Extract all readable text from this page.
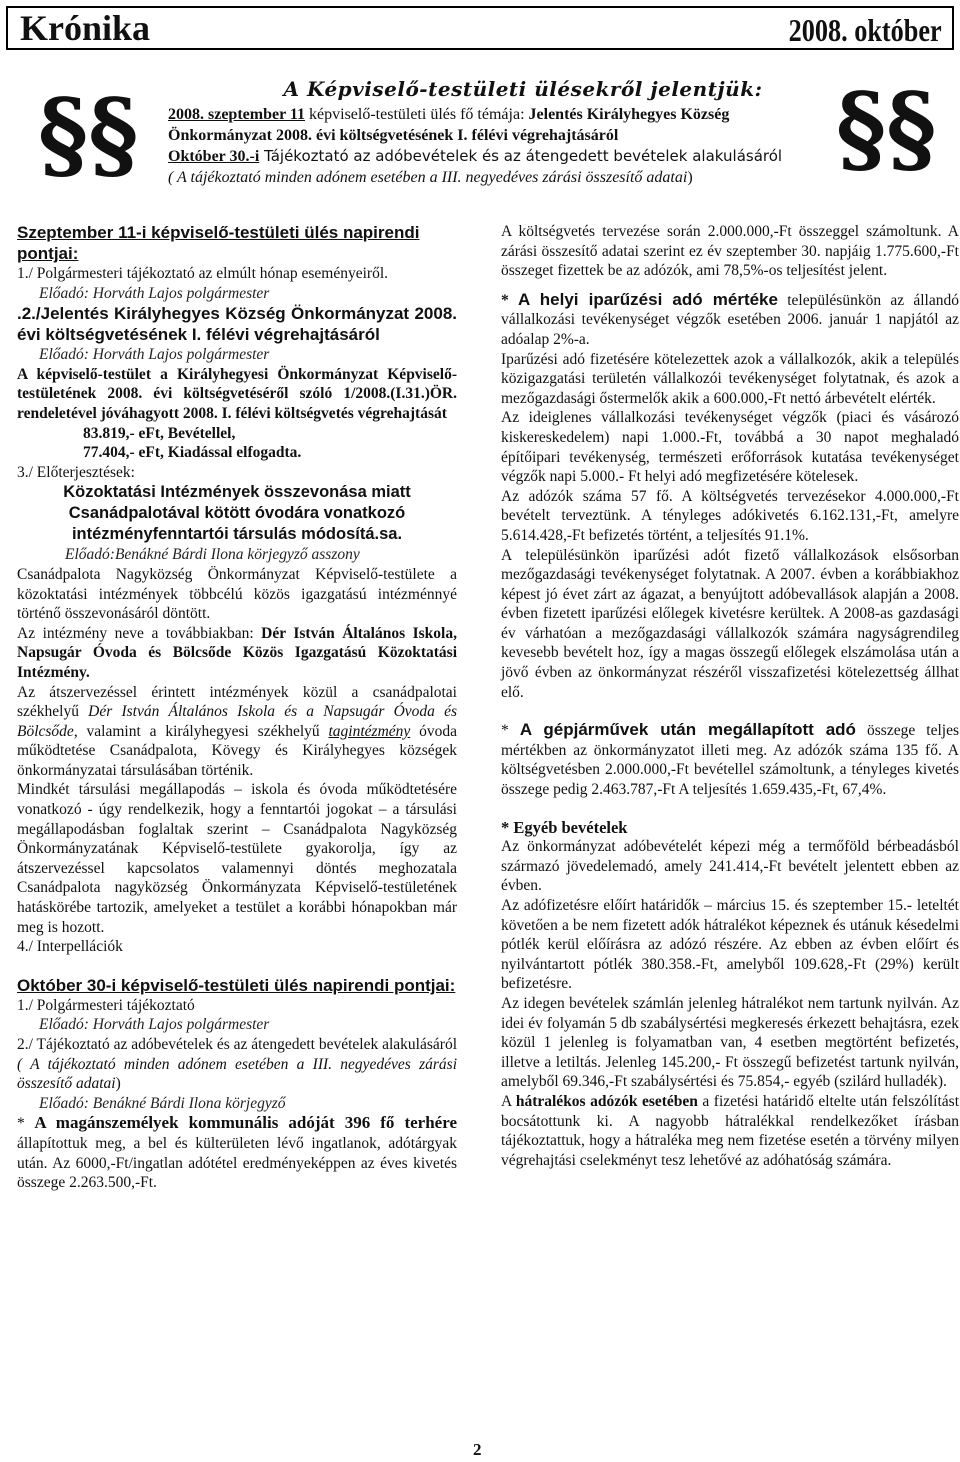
Krónika	2008. október
§§	§§
A Képviselő-testületi ülésekről jelentjük:

2008. szeptember 11 képviselő-testületi ülés fő témája: Jelentés Királyhegyes Község Önkormányzat 2008. évi költségvetésének I. félévi végrehajtásáról

Október 30.-i Tájékoztató az adóbevételek és az átengedett bevételek alakulásáról

( A tájékoztató minden adónem esetében a III. negyedéves zárási összesítő adatai)

Szeptember 11-i képviselő-testületi ülés napirendi pontjai:

1./ Polgármesteri tájékoztató az elmúlt hónap eseményeiről.

Előadó: Horváth Lajos polgármester

.2./Jelentés Királyhegyes Község Önkormányzat 2008. évi költségvetésének I. félévi végrehajtásáról

Előadó: Horváth Lajos polgármester

A képviselő-testület a Királyhegyesi Önkormányzat Képviselő-testületének 2008. évi költségvetéséről szóló 1/2008.(I.31.)ÖR. rendeletével jóváhagyott 2008. I. félévi költségvetés végrehajtását

83.819,- eFt, Bevétellel,

77.404,- eFt, Kiadással elfogadta.

3./ Előterjesztések:

Közoktatási Intézmények összevonása miatt Csanádpalotával kötött óvodára vonatkozó intézményfenntartói társulás módosítá.sa.

Előadó:Benákné Bárdi Ilona körjegyző asszony

Csanádpalota Nagyközség Önkormányzat Képviselő-testülete a közoktatási intézmények többcélú közös igazgatású intézménnyé történő összevonásáról döntött.

Az intézmény neve a továbbiakban: Dér István Általános Iskola, Napsugár Óvoda és Bölcsőde Közös Igazgatású Közoktatási Intézmény.

Az átszervezéssel érintett intézmények közül a csanádpalotai székhelyű Dér István Általános Iskola és a Napsugár Óvoda és Bölcsőde, valamint a királyhegyesi székhelyű tagintézmény óvoda működtetése Csanádpalota, Kövegy és Királyhegyes községek önkormányzatai társulásában történik.

Mindkét társulási megállapodás – iskola és óvoda működtetésére vonatkozó - úgy rendelkezik, hogy a fenntartói jogokat – a társulási megállapodásban foglaltak szerint – Csanádpalota Nagyközség Önkormányzatának Képviselő-testülete gyakorolja, így az átszervezéssel kapcsolatos valamennyi döntés meghozatala Csanádpalota nagyközség Önkormányzata Képviselő-testületének hatáskörébe tartozik, amelyeket a testület a korábbi hónapokban már meg is hozott.

4./ Interpellációk

Október 30-i képviselő-testületi ülés napirendi pontjai:

1./ Polgármesteri tájékoztató

Előadó: Horváth Lajos polgármester

2./ Tájékoztató az adóbevételek és az átengedett bevételek alakulásáról ( A tájékoztató minden adónem esetében a III. negyedéves zárási összesítő adatai)

Előadó: Benákné Bárdi Ilona körjegyző

* A magánszemélyek kommunális adóját 396 fő terhére állapítottuk meg, a bel és külterületen lévő ingatlanok, adótárgyak után. Az 6000,-Ft/ingatlan adótétel eredményeképpen az éves kivetés összege 2.263.500,-Ft.

A költségvetés tervezése során 2.000.000,-Ft összeggel számoltunk. A zárási összesítő adatai szerint ez év szeptember 30. napjáig 1.775.600,-Ft összeget fizettek be az adózók, ami 78,5%-os teljesítést jelent.

* A helyi iparűzési adó mértéke településünkön az állandó vállalkozási tevékenységet végzők esetében 2006. január 1 napjától az adóalap 2%-a.

Iparűzési adó fizetésére kötelezettek azok a vállalkozók, akik a település közigazgatási területén vállalkozói tevékenységet folytatnak, és azok a mezőgazdasági őstermelők akik a 600.000,-Ft nettó árbevételt elérték.

Az ideiglenes vállalkozási tevékenységet végzők (piaci és vásározó kiskereskedelem) napi 1.000.-Ft, továbbá a 30 napot meghaladó építőipari tevékenység, természeti erőforrások kutatása tevékenységet végzők napi 5.000.- Ft helyi adó megfizetésére kötelesek.

Az adózók száma 57 fő. A költségvetés tervezésekor 4.000.000,-Ft bevételt terveztünk. A tényleges adókivetés 6.162.131,-Ft, amelyre 5.614.428,-Ft befizetés történt, a teljesítés 91.1%.

A településünkön iparűzési adót fizető vállalkozások elsősorban mezőgazdasági tevékenységet folytatnak. A 2007. évben a korábbiakhoz képest jó évet zárt az ágazat, a benyújtott adóbevallások alapján a 2008. évben fizetett iparűzési előlegek kivetésre kerültek. A 2008-as gazdasági év várhatóan a mezőgazdasági vállalkozók számára nagyságrendileg kevesebb bevételt hoz, így a magas összegű előlegek elszámolása után a jövő évben az önkormányzat részéről visszafizetési kötelezettség állhat elő.

* A gépjárművek után megállapított adó összege teljes mértékben az önkormányzatot illeti meg. Az adózók száma 135 fő. A költségvetésben 2.000.000,-Ft bevétellel számoltunk, a tényleges kivetés összege pedig 2.463.787,-Ft A teljesítés 1.659.435,-Ft, 67,4%.

* Egyéb bevételek

Az önkormányzat adóbevételét képezi még a termőföld bérbeadásból származó jövedelemadó, amely 241.414,-Ft bevételt jelentett ebben az évben.

Az adófizetésre előírt határidők – március 15. és szeptember 15.- leteltét követően a be nem fizetett adók hátralékot képeznek és utánuk késedelmi pótlék kerül előírásra az adózó részére. Az ebben az évben előírt és nyilvántartott pótlék 380.358.-Ft, amelyből 109.628,-Ft (29%) került befizetésre.

Az idegen bevételek számlán jelenleg hátralékot nem tartunk nyilván. Az idei év folyamán 5 db szabálysértési megkeresés érkezett behajtásra, ezek közül 1 jelenleg is folyamatban van, 4 esetben megtörtént befizetés, illetve a letiltás. Jelenleg 145.200,- Ft összegű befizetést tartunk nyilván, amelyből 69.346,-Ft szabálysértési és 75.854,- egyéb (szilárd hulladék).

A hátralékos adózók esetében a fizetési határidő eltelte után felszólítást bocsátottunk ki. A nagyobb hátralékkal rendelkezőket írásban tájékoztattuk, hogy a hátraléka meg nem fizetése esetén a törvény milyen végrehajtási cselekményt tesz lehetővé az adóhatóság számára.

2
